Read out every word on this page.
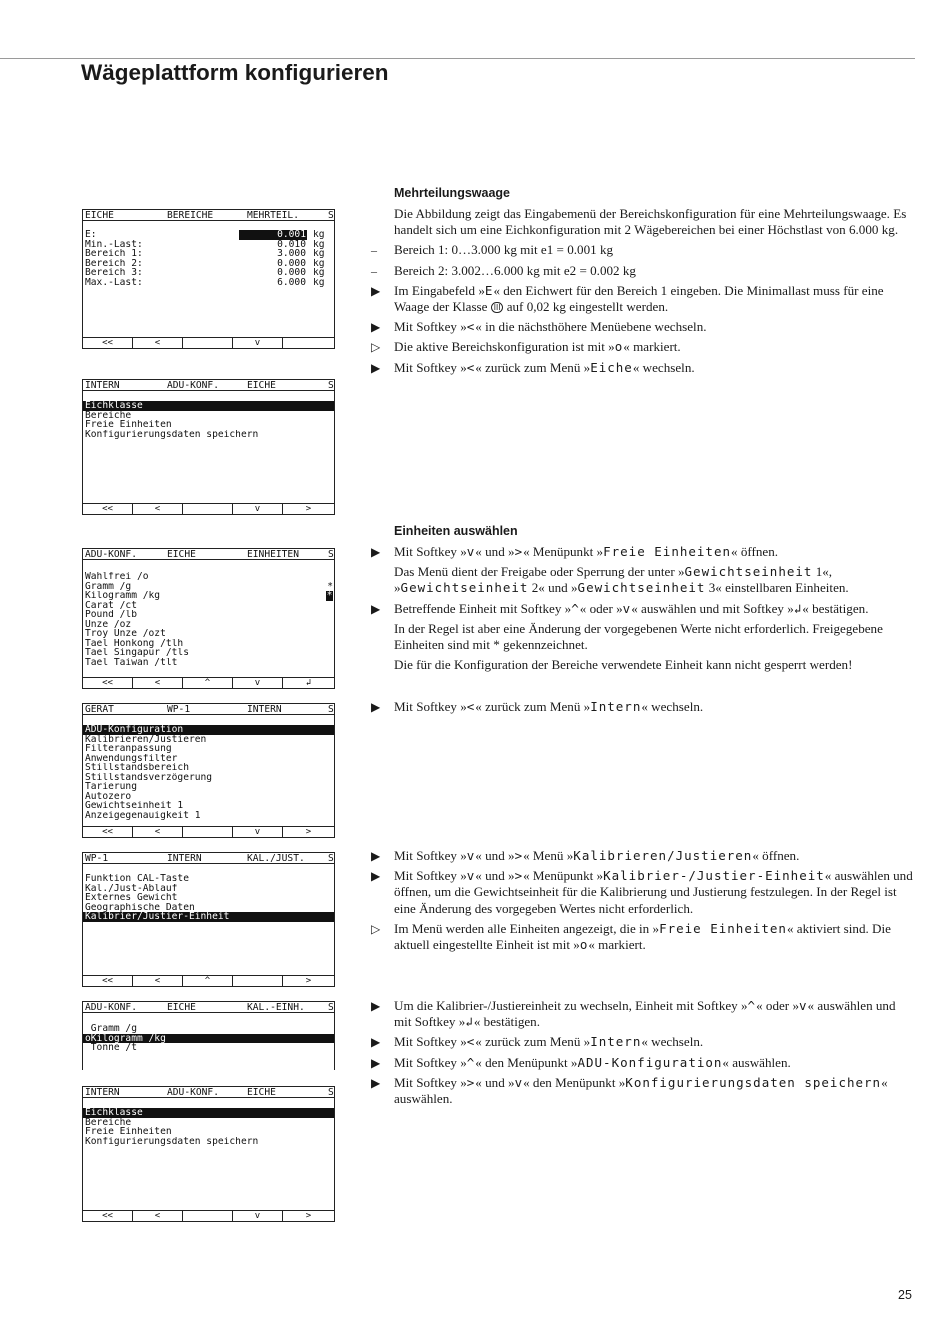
Wägeplattform konfigurieren
EICHE	BEREICHE	MEHRTEIL.	S
E:	0.001 kg
Min.-Last:	0.010 kg
Bereich 1:	3.000 kg
Bereich 2:	0.000 kg
Bereich 3:	0.000 kg
Max.-Last:	6.000 kg
<<	<	v
INTERN	ADU-KONF.	EICHE	S
Eichklasse
Bereiche
Freie Einheiten
Konfigurierungsdaten speichern
<<	<	v	>
ADU-KONF.	EICHE	EINHEITEN	S
Wahlfrei /o
Gramm /g	*
Kilogramm /kg	*
Carat /ct
Pound /lb
Unze /oz
Troy Unze /ozt
Tael Honkong /tlh
Tael Singapur /tls
Tael Taiwan /tlt
<<	<	^	v	↲
GERAT	WP-1	INTERN	S
ADU-Konfiguration
Kalibrieren/Justieren
Filteranpassung
Anwendungsfilter
Stillstandsbereich
Stillstandsverzögerung
Tarierung
Autozero
Gewichtseinheit 1
Anzeigegenauigkeit 1
<<	<	v	>
WP-1	INTERN	KAL./JUST. S
Funktion CAL-Taste
Kal./Just-Ablauf
Externes Gewicht
Geographische Daten
Kalibrier/Justier-Einheit
<<	<	^	>
ADU-KONF.	EICHE	KAL.-EINH. S
Gramm /g
oKilogramm /kg
Tonne /t
INTERN	ADU-KONF.	EICHE	S
Eichklasse
Bereiche
Freie Einheiten
Konfigurierungsdaten speichern
<<	<	v	>
Mehrteilungswaage
Die Abbildung zeigt das Eingabemenü der Bereichskonfiguration für eine Mehrteilungswaage. Es handelt sich um eine Eichkonfiguration mit 2 Wägebereichen bei einer Höchstlast von 6.000 kg.
–	Bereich 1: 0…3.000 kg mit e1 = 0.001 kg
–	Bereich 2: 3.002…6.000 kg mit e2 = 0.002 kg
▶	Im Eingabefeld »E« den Eichwert für den Bereich 1 eingeben. Die Minimallast muss für eine Waage der Klasse III auf 0,02 kg eingestellt werden.
▶	Mit Softkey »<« in die nächsthöhere Menüebene wechseln.
▷	Die aktive Bereichskonfiguration ist mit »o« markiert.
▶	Mit Softkey »<« zurück zum Menü »Eiche« wechseln.
Einheiten auswählen
▶	Mit Softkey »v« und »>« Menüpunkt »Freie Einheiten« öffnen.
Das Menü dient der Freigabe oder Sperrung der unter »Gewichtseinheit 1«, »Gewichtseinheit 2« und »Gewichtseinheit 3« einstellbaren Einheiten.
▶	Betreffende Einheit mit Softkey »^« oder »v« auswählen und mit Softkey »↲« bestätigen.
In der Regel ist aber eine Änderung der vorgegebenen Werte nicht erforderlich. Freigegebene Einheiten sind mit * gekennzeichnet.
Die für die Konfiguration der Bereiche verwendete Einheit kann nicht gesperrt werden!
▶	Mit Softkey »<« zurück zum Menü »Intern« wechseln.
▶	Mit Softkey »v« und »>« Menü »Kalibrieren/Justieren« öffnen.
▶	Mit Softkey »v« und »>« Menüpunkt »Kalibrier-/Justier-Einheit« auswählen und öffnen, um die Gewichtseinheit für die Kalibrierung und Justierung festzulegen. In der Regel ist eine Änderung des vorgegeben Wertes nicht erforderlich.
▷	Im Menü werden alle Einheiten angezeigt, die in »Freie Einheiten« aktiviert sind. Die aktuell eingestellte Einheit ist mit »o« markiert.
▶	Um die Kalibrier-/Justiereinheit zu wechseln, Einheit mit Softkey »^« oder »v« auswählen und mit Softkey »↲« bestätigen.
▶	Mit Softkey »<« zurück zum Menü »Intern« wechseln.
▶	Mit Softkey »^« den Menüpunkt »ADU-Konfiguration« auswählen.
▶	Mit Softkey »>« und »v« den Menüpunkt »Konfigurierungsdaten speichern« auswählen.
25
